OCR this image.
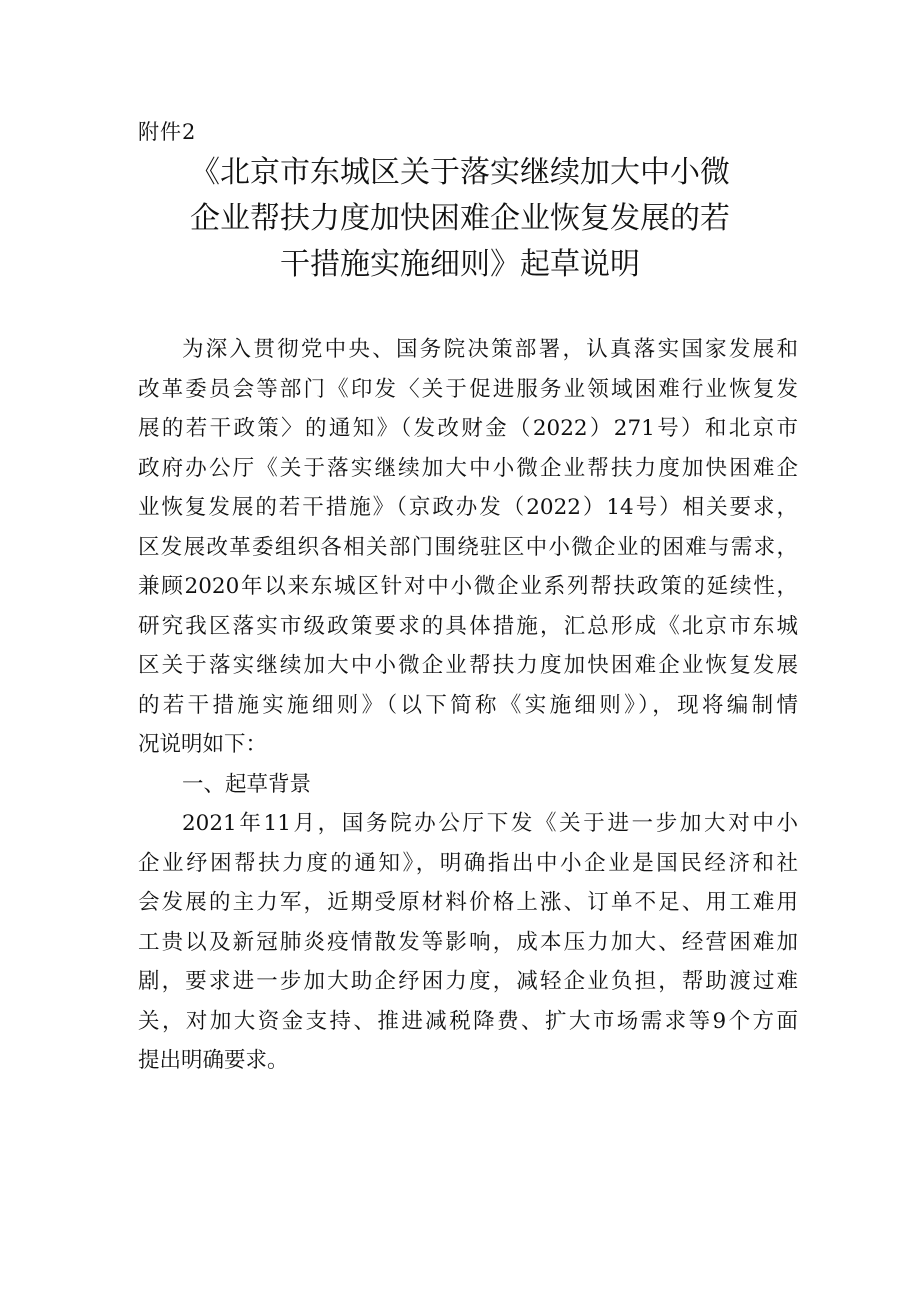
附件2
《北京市东城区关于落实继续加大中小微
企业帮扶力度加快困难企业恢复发展的若
干措施实施细则》起草说明
为深入贯彻党中央、国务院决策部署，认真落实国家发展和
改革委员会等部门《印发〈关于促进服务业领域困难行业恢复发
展的若干政策〉的通知》（发改财金（2022）271号）和北京市
政府办公厅《关于落实继续加大中小微企业帮扶力度加快困难企
业恢复发展的若干措施》（京政办发（2022）14号）相关要求，
区发展改革委组织各相关部门围绕驻区中小微企业的困难与需求，
兼顾2020年以来东城区针对中小微企业系列帮扶政策的延续性，
研究我区落实市级政策要求的具体措施，汇总形成《北京市东城
区关于落实继续加大中小微企业帮扶力度加快困难企业恢复发展
的若干措施实施细则》（以下简称《实施细则》），现将编制情
况说明如下：
一、起草背景
2021年11月，国务院办公厅下发《关于进一步加大对中小
企业纾困帮扶力度的通知》，明确指出中小企业是国民经济和社
会发展的主力军，近期受原材料价格上涨、订单不足、用工难用
工贵以及新冠肺炎疫情散发等影响，成本压力加大、经营困难加
剧，要求进一步加大助企纾困力度，减轻企业负担，帮助渡过难
关，对加大资金支持、推进减税降费、扩大市场需求等9个方面
提出明确要求。
